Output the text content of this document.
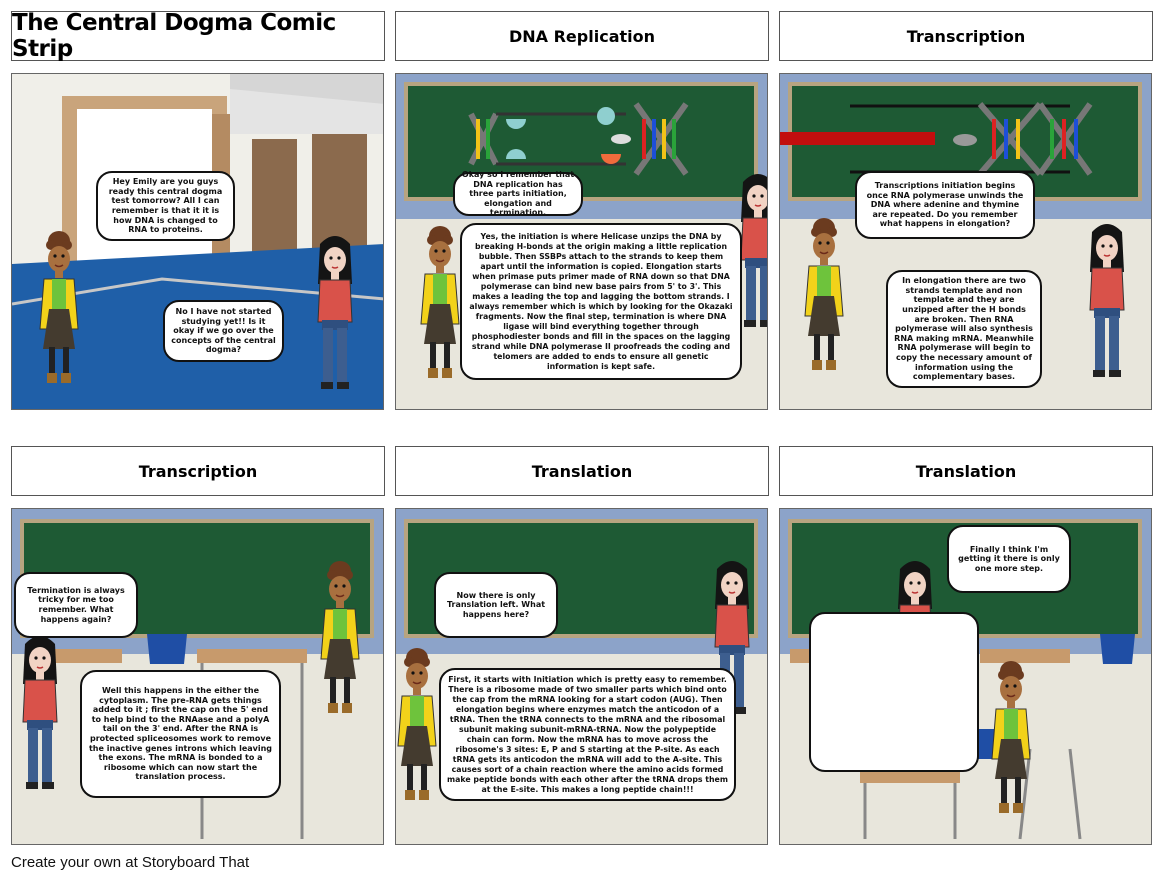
The Central Dogma Comic Strip	DNA Replication	Transcription
Transcription	Translation	Translation
Hey Emily are you guys ready this central dogma test tomorrow? All I can remember is that it it is how DNA is changed to RNA to proteins.
No I have not started studying yet!! Is it okay if we go over the concepts of the central dogma?
Okay so I remember that DNA replication has three parts initiation, elongation and termination.
Yes, the initiation is where Helicase unzips the DNA by breaking H-bonds at the origin making a little replication bubble. Then SSBPs attach to the strands to keep them apart until the information is copied. Elongation starts when primase puts primer made of RNA down so that DNA polymerase can bind new base pairs from 5' to 3'. This makes a leading the top and lagging the bottom strands. I always remember which is which by looking for the Okazaki fragments. Now the final step, termination is where DNA ligase will bind everything together through phosphodiester bonds and fill in the spaces on the lagging strand while DNA polymerase II proofreads the coding and telomers are added to ends to ensure all genetic information is kept safe.
Transcriptions initiation begins once RNA polymerase unwinds the DNA where adenine and thymine are repeated. Do you remember what happens in elongation?
In elongation there are two strands template and non template and they are unzipped after the H bonds are broken. Then RNA polymerase will also synthesis RNA making mRNA. Meanwhile RNA polymerase will begin to copy the necessary amount of information using the complementary bases.
Termination is always tricky for me too remember. What happens again?
Well this happens in the either the cytoplasm. The pre-RNA gets things added to it ; first the cap on the 5' end to help bind to the RNAase and a polyA tail on the 3' end. After the RNA is protected spliceosomes work to remove the inactive genes introns which leaving the exons. The mRNA is bonded to a ribosome which can now start the translation process.
Now there is only Translation left. What happens here?
First, it starts with Initiation which is pretty easy to remember. There is a ribosome made of two smaller parts which bind onto the cap from the mRNA looking for a start codon (AUG). Then elongation begins where enzymes match the anticodon of a tRNA. Then the tRNA connects to the mRNA and the ribosomal subunit making subunit-mRNA-tRNA. Now the polypeptide chain can form. Now the mRNA has to move across the ribosome's 3 sites: E, P and S starting at the P-site. As each tRNA gets its anticodon the mRNA will add to the A-site. This causes sort of a chain reaction where the amino acids formed make peptide bonds with each other after the tRNA drops them at the E-site. This makes a long peptide chain!!!
Finally I think I'm getting it there is only one more step.
Create your own at Storyboard That
